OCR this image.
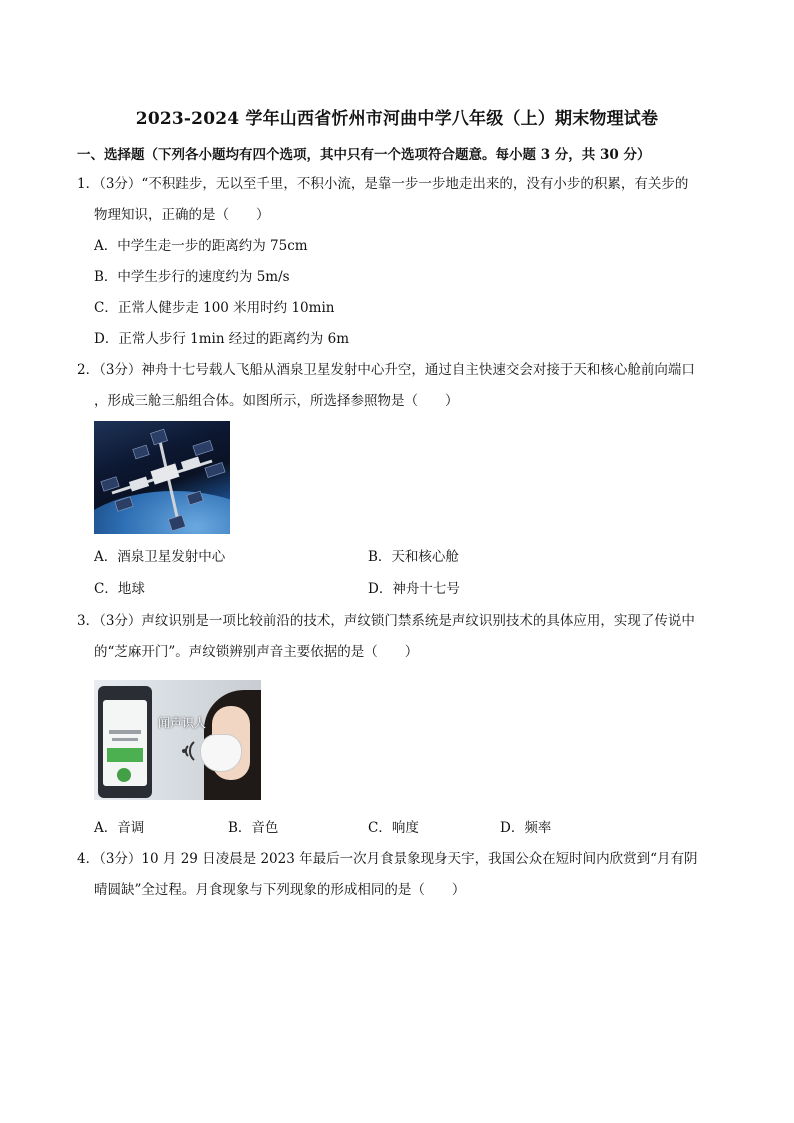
2023-2024 学年山西省忻州市河曲中学八年级（上）期末物理试卷
一、选择题（下列各小题均有四个选项，其中只有一个选项符合题意。每小题 3 分，共 30 分）
1．（3分）“不积跬步，无以至千里，不积小流，是靠一步一步地走出来的，没有小步的积累，有关步的
物理知识，正确的是（　　）
A．中学生走一步的距离约为 75cm
B．中学生步行的速度约为 5m/s
C．正常人健步走 100 米用时约 10min
D．正常人步行 1min 经过的距离约为 6m
2．（3分）神舟十七号载人飞船从酒泉卫星发射中心升空，通过自主快速交会对接于天和核心舱前向端口
，形成三舱三船组合体。如图所示，所选择参照物是（　　）
A．酒泉卫星发射中心	B．天和核心舱
C．地球	D．神舟十七号
3．（3分）声纹识别是一项比较前沿的技术，声纹锁门禁系统是声纹识别技术的具体应用，实现了传说中
的“芝麻开门”。声纹锁辨别声音主要依据的是（　　）
闻声识人
A．音调	B．音色	C．响度	D．频率
4．（3分）10 月 29 日凌晨是 2023 年最后一次月食景象现身天宇，我国公众在短时间内欣赏到“月有阴
晴圆缺”全过程。月食现象与下列现象的形成相同的是（　　）
